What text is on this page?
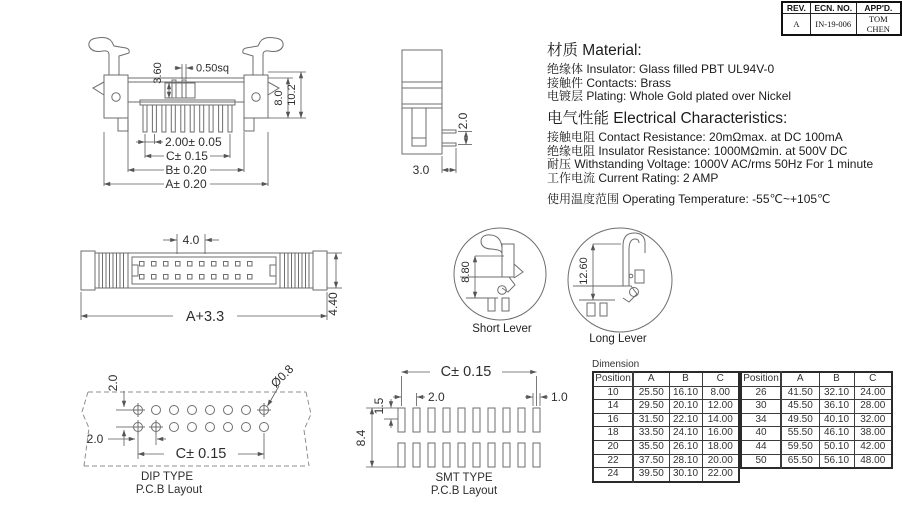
REV.	ECN. NO.	APP'D.
A	IN-19-006	TOM CHEN
3.60	0.50sq
8.0 10.2
2.00± 0.05
C± 0.15
B± 0.20
A± 0.20
2.0
3.0
材质 Material:
绝缘体 Insulator: Glass filled PBT UL94V-0
接触件 Contacts: Brass
电镀层 Plating: Whole Gold plated over Nickel
电气性能 Electrical Characteristics:
接触电阻 Contact Resistance: 20mΩmax. at DC 100mA
绝缘电阻 Insulator Resistance: 1000MΩmin. at 500V DC
耐压 Withstanding Voltage: 1000V AC/rms 50Hz For 1 minute
工作电流 Current Rating: 2 AMP
使用温度范围 Operating Temperature: -55℃~+105℃
4.0
A+3.3
4.40
8.80
Short Lever
12.60
Long Lever
2.0
2.0
C± 0.15
Ø0.8
DIP TYPE
P.C.B Layout
C± 0.15
2.0	1.0
1.5
8.4
SMT TYPE
P.C.B Layout
Dimension
Position	A	B	C
10	25.50	16.10	8.00
14	29.50	20.10	12.00
16	31.50	22.10	14.00
18	33.50	24.10	16.00
20	35.50	26.10	18.00
22	37.50	28.10	20.00
24	39.50	30.10	22.00
Position	A	B	C
26	41.50	32.10	24.00
30	45.50	36.10	28.00
34	49.50	40.10	32.00
40	55.50	46.10	38.00
44	59.50	50.10	42.00
50	65.50	56.10	48.00
